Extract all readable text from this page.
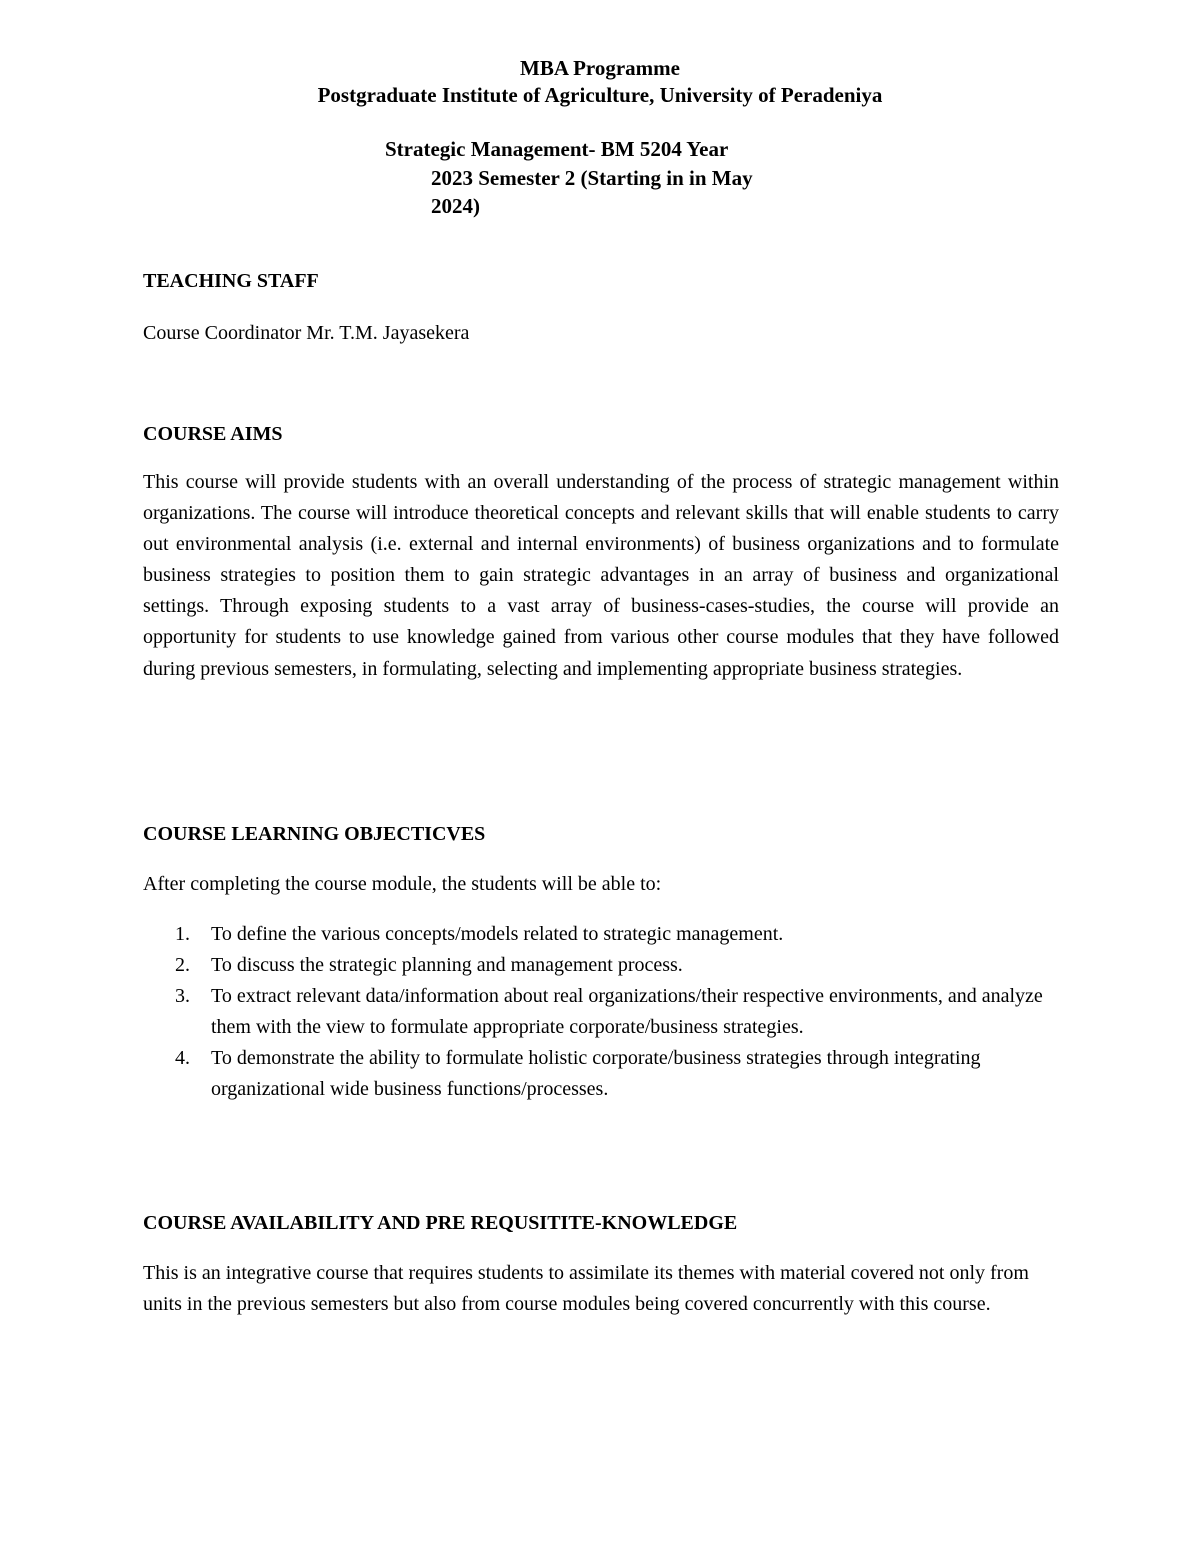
MBA Programme
Postgraduate Institute of Agriculture, University of Peradeniya
Strategic Management- BM 5204 Year
2023 Semester 2 (Starting in in May
2024)
TEACHING STAFF
Course Coordinator Mr. T.M. Jayasekera
COURSE AIMS

This course will provide students with an overall understanding of the process of strategic management within organizations. The course will introduce theoretical concepts and relevant skills that will enable students to carry out environmental analysis (i.e. external and internal environments) of business organizations and to formulate business strategies to position them to gain strategic advantages in an array of business and organizational settings. Through exposing students to a vast array of business-cases-studies, the course will provide an opportunity for students to use knowledge gained from various other course modules that they have followed during previous semesters, in formulating, selecting and implementing appropriate business strategies.

COURSE LEARNING OBJECTICVES
After completing the course module, the students will be able to:
1. To define the various concepts/models related to strategic management.
2. To discuss the strategic planning and management process.
3. To extract relevant data/information about real organizations/their respective environments, and analyze them with the view to formulate appropriate corporate/business strategies.
4. To demonstrate the ability to formulate holistic corporate/business strategies through integrating organizational wide business functions/processes.
COURSE AVAILABILITY AND PRE REQUSITITE-KNOWLEDGE

This is an integrative course that requires students to assimilate its themes with material covered not only from units in the previous semesters but also from course modules being covered concurrently with this course.
